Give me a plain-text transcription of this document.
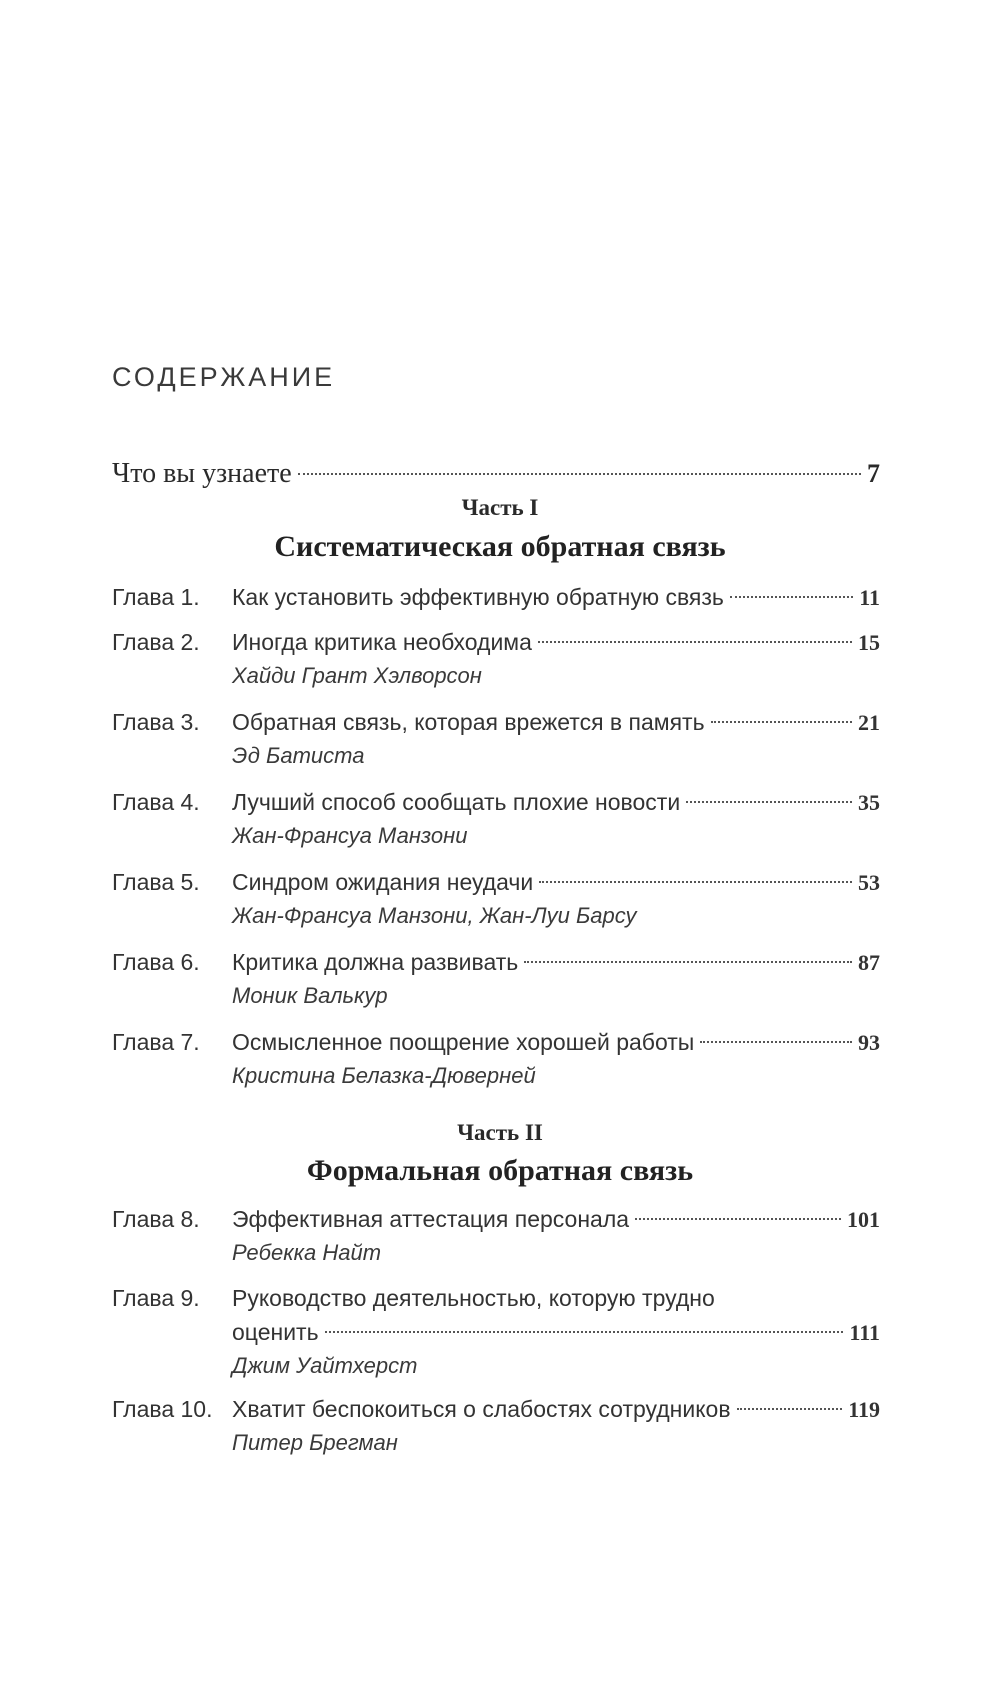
СОДЕРЖАНИЕ
Что вы узнаете	7
Часть I
Систематическая обратная связь
Глава 1.	Как установить эффективную обратную связь	11
Глава 2.	Иногда критика необходима	15
Хайди Грант Хэлворсон
Глава 3.	Обратная связь, которая врежется в память	21
Эд Батиста
Глава 4.	Лучший способ сообщать плохие новости	35
Жан-Франсуа Манзони
Глава 5.	Синдром ожидания неудачи	53
Жан-Франсуа Манзони, Жан-Луи Барсу
Глава 6.	Критика должна развивать	87
Моник Валькур
Глава 7.	Осмысленное поощрение хорошей работы	93
Кристина Белазка-Дюверней
Часть II
Формальная обратная связь
Глава 8.	Эффективная аттестация персонала	101
Ребекка Найт
Глава 9.	Руководство деятельностью, которую трудно
оценить	111
Джим Уайтхерст
Глава 10. Хватит беспокоиться о слабостях сотрудников	119
Питер Брегман
